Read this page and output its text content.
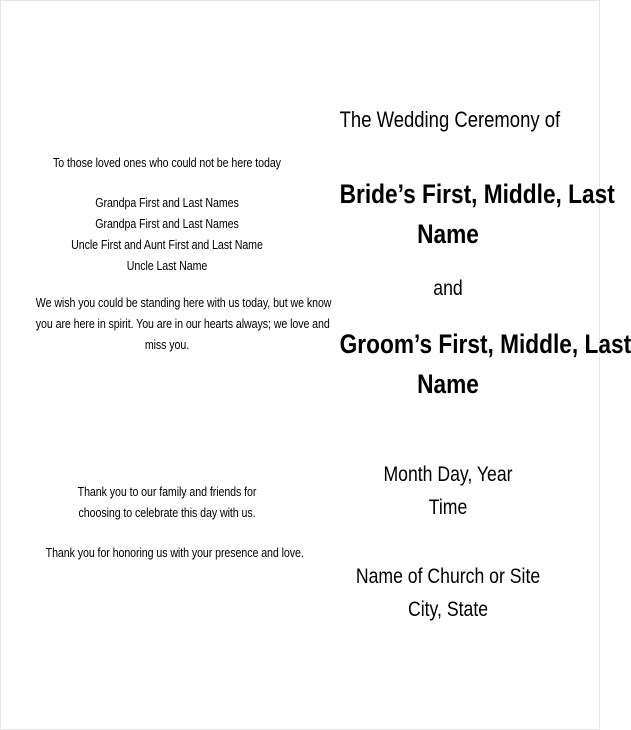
To those loved ones who could not be here today
Grandpa First and Last Names
Grandpa First and Last Names
Uncle First and Aunt First and Last Name
Uncle Last Name
We wish you could be standing here with us today, but we know
you are here in spirit. You are in our hearts always; we love and
miss you.
Thank you to our family and friends for
choosing to celebrate this day with us.
Thank you for honoring us with your presence and love.
The Wedding Ceremony of
Bride’s First, Middle, Last
Name
and
Groom’s First, Middle, Last
Name
Month Day, Year
Time
Name of Church or Site
City, State
